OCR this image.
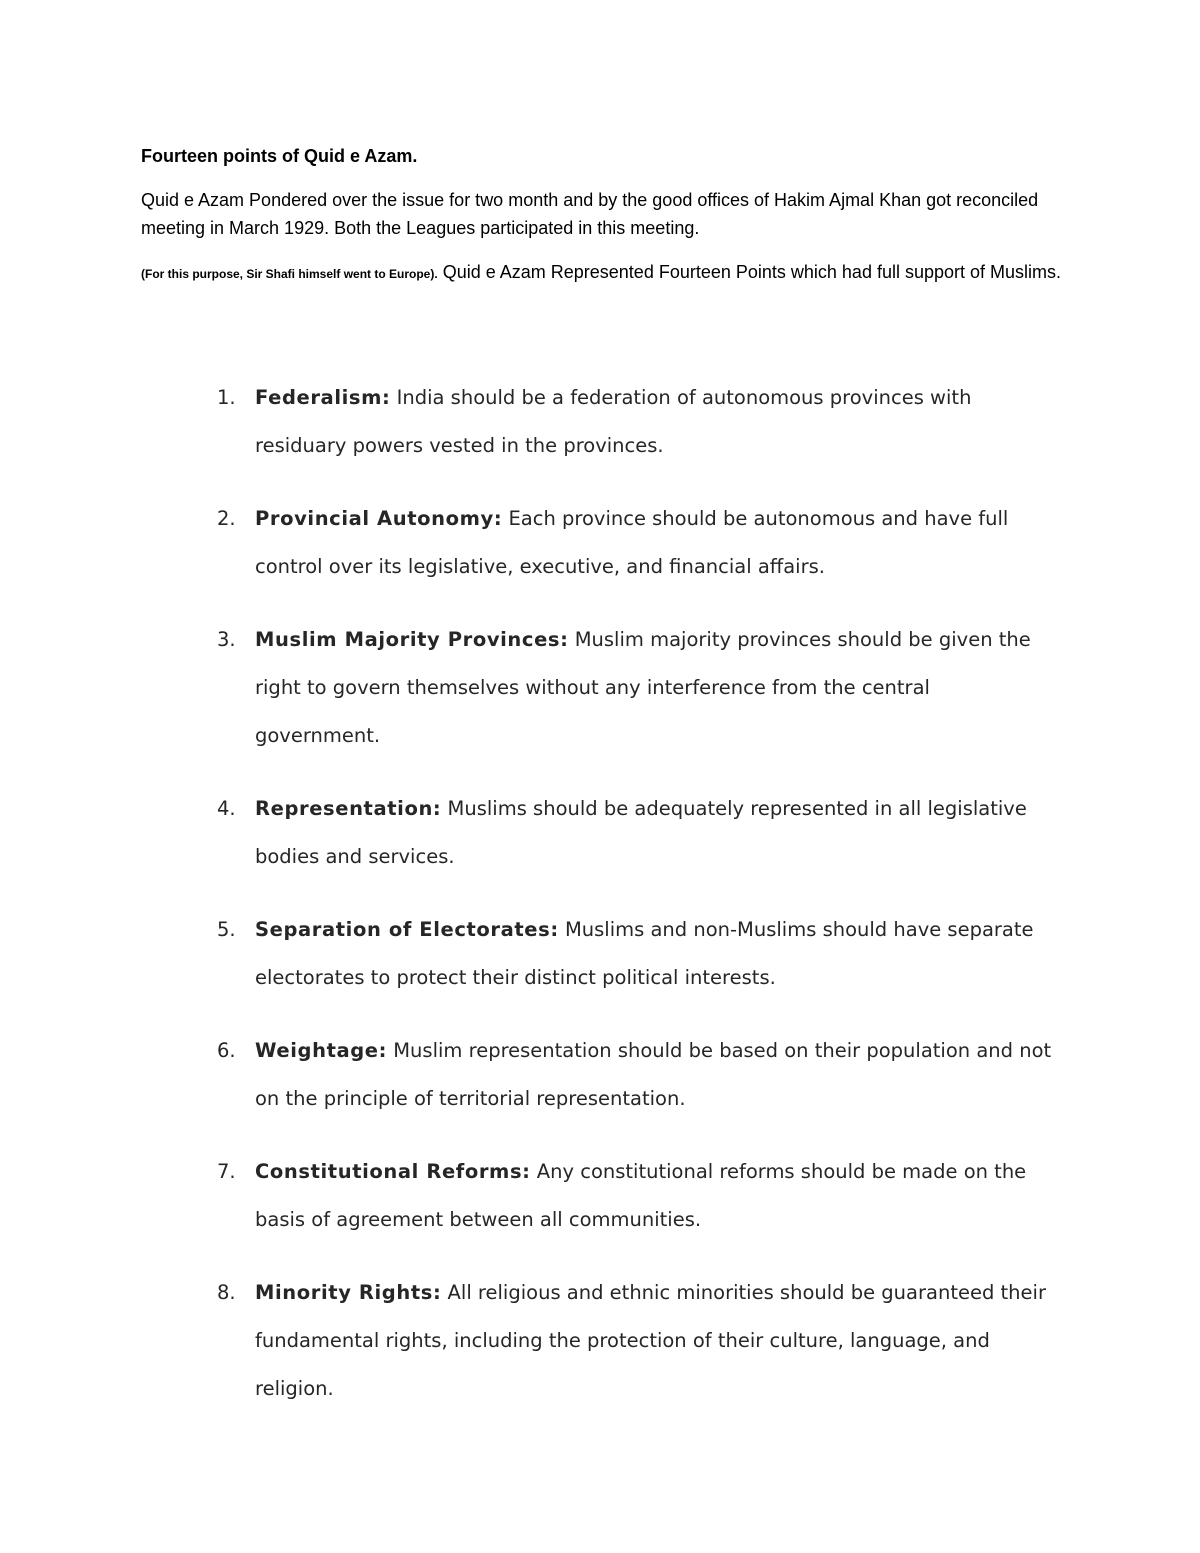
Fourteen points of Quid e Azam.
Quid e Azam Pondered over the issue for two month and by the good offices of Hakim Ajmal Khan got reconciled meeting in March 1929. Both the Leagues participated in this meeting.
(For this purpose, Sir Shafi himself went to Europe). Quid e Azam Represented Fourteen Points which had full support of Muslims.
1. Federalism: India should be a federation of autonomous provinces with residuary powers vested in the provinces.
2. Provincial Autonomy: Each province should be autonomous and have full control over its legislative, executive, and financial affairs.
3. Muslim Majority Provinces: Muslim majority provinces should be given the right to govern themselves without any interference from the central government.
4. Representation: Muslims should be adequately represented in all legislative bodies and services.
5. Separation of Electorates: Muslims and non-Muslims should have separate electorates to protect their distinct political interests.
6. Weightage: Muslim representation should be based on their population and not on the principle of territorial representation.
7. Constitutional Reforms: Any constitutional reforms should be made on the basis of agreement between all communities.
8. Minority Rights: All religious and ethnic minorities should be guaranteed their fundamental rights, including the protection of their culture, language, and religion.
